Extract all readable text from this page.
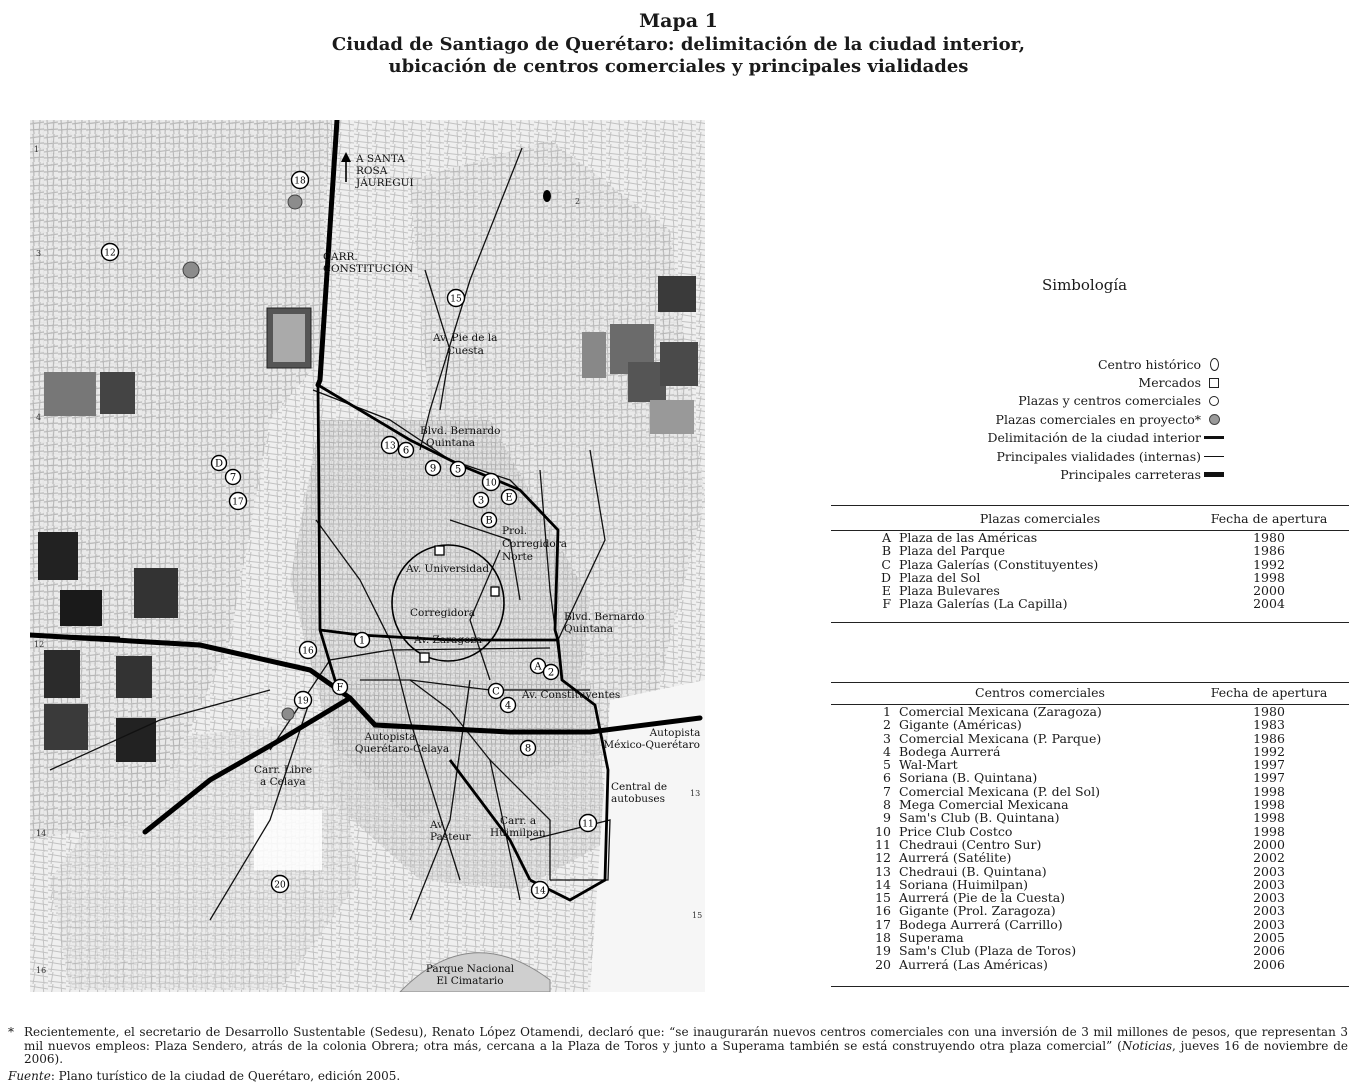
Mapa 1
Ciudad de Santiago de Querétaro: delimitación de la ciudad interior,
ubicación de centros comerciales y principales vialidades
1
2
3
4
12
13
14
15
16
A SANTA ROSA JÁUREGUI
CARR. CONSTITUCIÓN
Av. Pie de la Cuesta
Blvd. Bernardo Quintana
Prol. Corregidora Norte
Av. Universidad
Corregidora
Av. Zaragoza
Blvd. Bernardo Quintana
Av. Constituyentes
Autopista México-Querétaro
Autopista Querétaro-Celaya
Carr. Libre a Celaya	Central de autobuses
Av. Pasteur
Carr. a Huimilpan
Parque Nacional El Cimatario
18
12
15
13 6
9 5
10
3 E
B
D
7
17
1
16
A
2
C
4
F
19
8
11
14
20
Simbología
Centro histórico
Mercados
Plazas y centros comerciales
Plazas comerciales en proyecto*
Delimitación de la ciudad interior
Principales vialidades (internas)
Principales carreteras
Plazas comerciales		Fecha de apertura
A	Plaza de las Américas	1980
B	Plaza del Parque	1986
C	Plaza Galerías (Constituyentes)	1992
D	Plaza del Sol	1998
E	Plaza Bulevares	2000
F	Plaza Galerías (La Capilla)	2004
Centros comerciales		Fecha de apertura
1	Comercial Mexicana (Zaragoza)	1980
2	Gigante (Américas)	1983
3	Comercial Mexicana (P. Parque)	1986
4	Bodega Aurrerá	1992
5	Wal-Mart	1997
6	Soriana (B. Quintana)	1997
7	Comercial Mexicana (P. del Sol)	1998
8	Mega Comercial Mexicana	1998
9	Sam's Club (B. Quintana)	1998
10	Price Club Costco	1998
11	Chedraui (Centro Sur)	2000
12	Aurrerá (Satélite)	2002
13	Chedraui (B. Quintana)	2003
14	Soriana (Huimilpan)	2003
15	Aurrerá (Pie de la Cuesta)	2003
16	Gigante (Prol. Zaragoza)	2003
17	Bodega Aurrerá (Carrillo)	2003
18	Superama	2005
19	Sam's Club (Plaza de Toros)	2006
20	Aurrerá (Las Américas)	2006
* Recientemente, el secretario de Desarrollo Sustentable (Sedesu), Renato López Otamendi, declaró que: “se inaugurarán nuevos centros comerciales con una inversión de 3 mil millones de pesos, que representan 3 mil nuevos empleos: Plaza Sendero, atrás de la colonia Obrera; otra más, cercana a la Plaza de Toros y junto a Superama también se está construyendo otra plaza comercial” (Noticias, jueves 16 de noviembre de 2006).
Fuente: Plano turístico de la ciudad de Querétaro, edición 2005.
